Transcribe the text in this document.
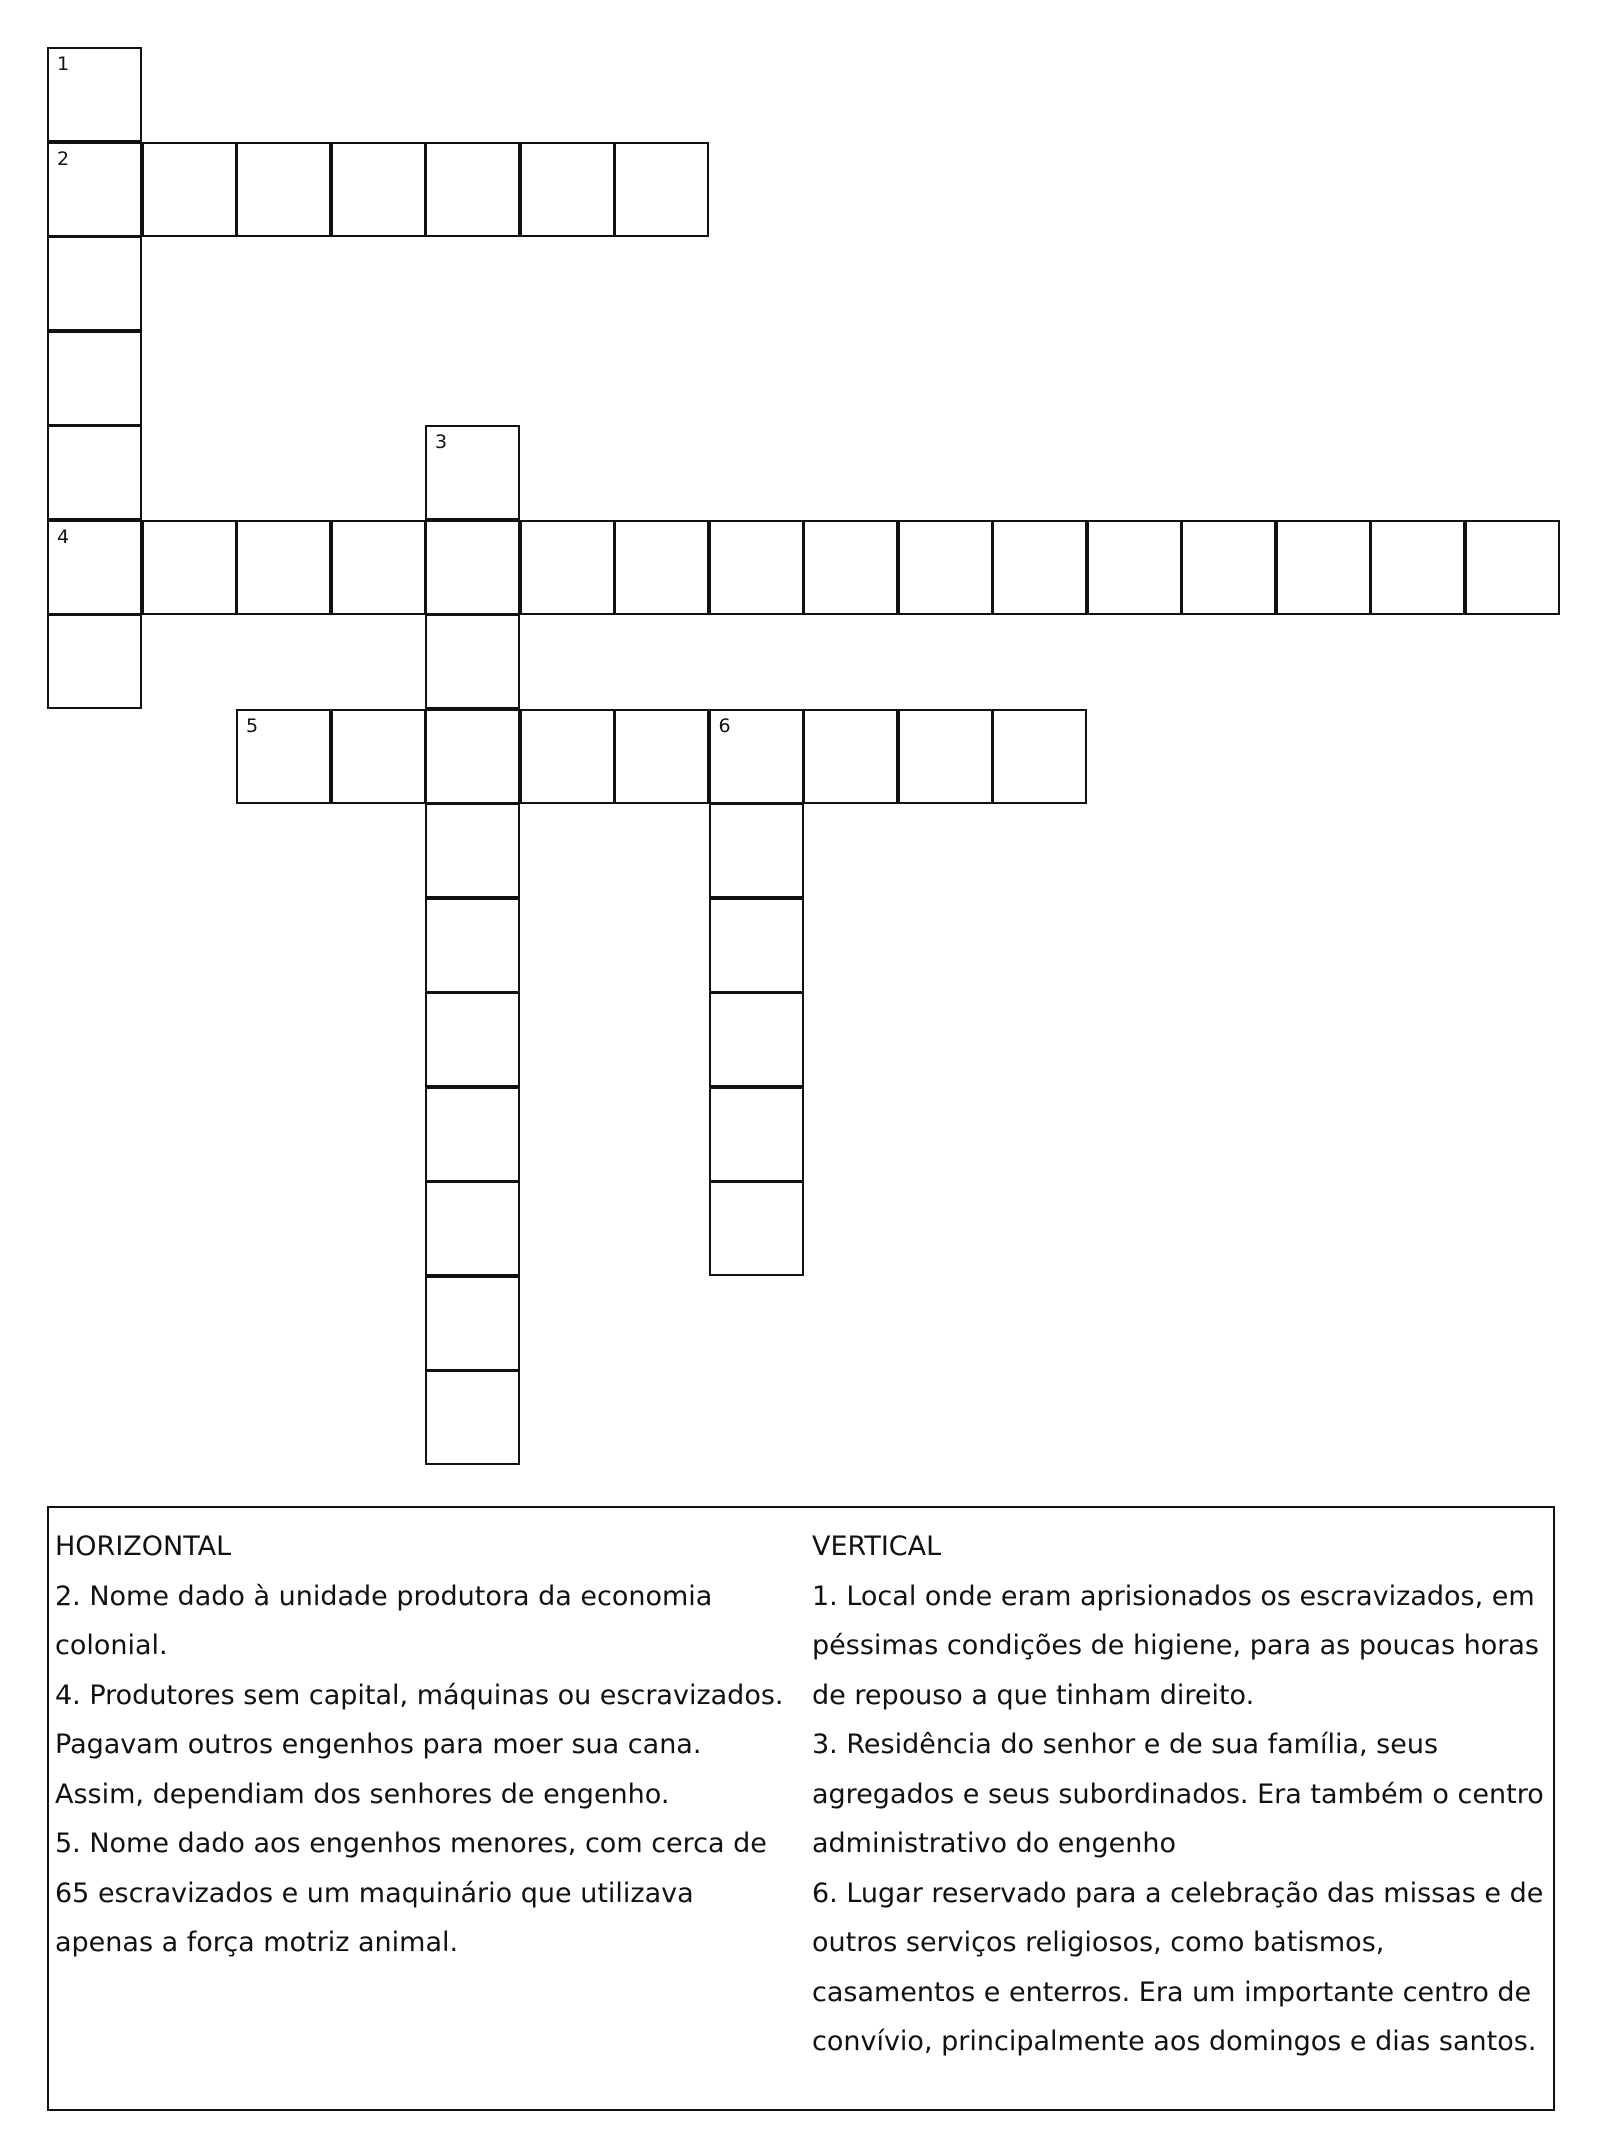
1
2
4
3
5	6

HORIZONTAL

2. Nome dado à unidade produtora da economia colonial.

4. Produtores sem capital, máquinas ou escravizados. Pagavam outros engenhos para moer sua cana. Assim, dependiam dos senhores de engenho.

5. Nome dado aos engenhos menores, com cerca de 65 escravizados e um maquinário que utilizava apenas a força motriz animal.

VERTICAL

1. Local onde eram aprisionados os escravizados, em péssimas condições de higiene, para as poucas horas de repouso a que tinham direito.

3. Residência do senhor e de sua família, seus agregados e seus subordinados. Era também o centro administrativo do engenho

6. Lugar reservado para a celebração das missas e de outros serviços religiosos, como batismos, casamentos e enterros. Era um importante centro de convívio, principalmente aos domingos e dias santos.
